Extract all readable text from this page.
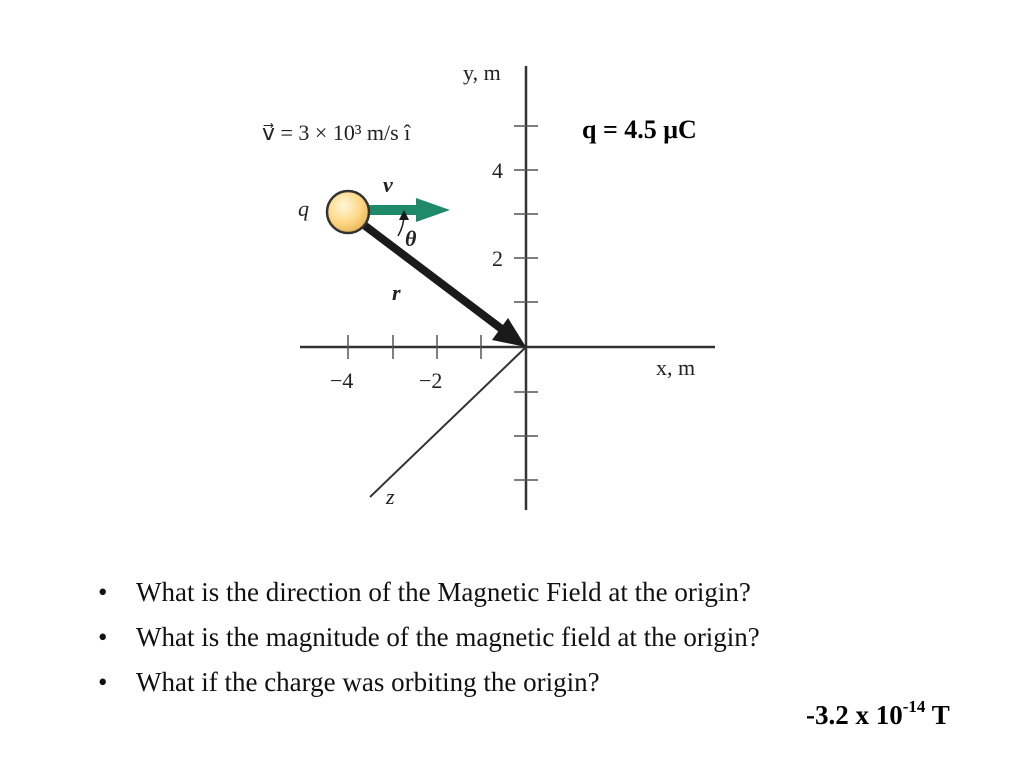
y, m
x, m
z
4
2
−4	−2
v⃗ = 3 × 10³ m/s î	q = 4.5 μC
q
v⃗
θ
r⃗
• What is the direction of the Magnetic Field at the origin?
• What is the magnitude of the magnetic field at the origin?
• What if the charge was orbiting the origin?
-3.2 x $10^{-14}$ T
